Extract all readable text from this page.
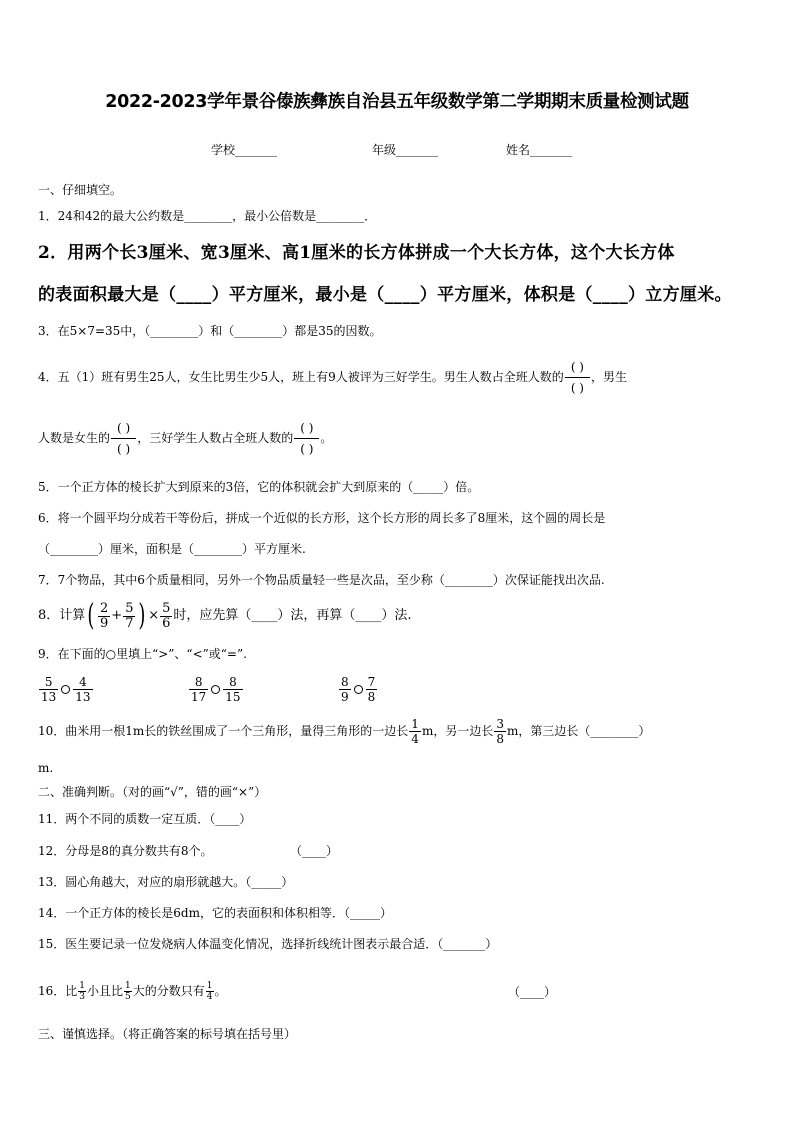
2022-2023学年景谷傣族彝族自治县五年级数学第二学期期末质量检测试题
学校_______	年级_______	姓名_______
一、仔细填空。
1．24和42的最大公约数是________，最小公倍数是________．
2．用两个长3厘米、宽3厘米、高1厘米的长方体拼成一个大长方体，这个大长方体
的表面积最大是（____）平方厘米，最小是（____）平方厘米，体积是（____）立方厘米。
3．在5×7=35中，（________）和（________）都是35的因数。
4．五（1）班有男生25人，女生比男生少5人，班上有9人被评为三好学生。男生人数占全班人数的 $\frac{( )}{( )}$ ，男生
人数是女生的 $\frac{( )}{( )}$ ，三好学生人数占全班人数的 $\frac{( )}{( )}$ 。
5．一个正方体的棱长扩大到原来的3倍，它的体积就会扩大到原来的（_____）倍。
6．将一个圆平均分成若干等份后，拼成一个近似的长方形，这个长方形的周长多了8厘米，这个圆的周长是
（________）厘米，面积是（________）平方厘米.
7．7个物品，其中6个质量相同，另外一个物品质量轻一些是次品，至少称（________）次保证能找出次品.
8．计算 ( $\frac{2}{9} + \frac{5}{7}$ ) × $\frac{5}{6}$ 时，应先算（____）法，再算（____）法.
9．在下面的○里填上“>”、“<”或“=”.
$\frac{5}{13} \frac{4}{13}$	$\frac{8}{17} \frac{8}{15}$	$\frac{8}{9} \frac{7}{8}$
10．曲米用一根1m长的铁丝围成了一个三角形，量得三角形的一边长 $\frac{1}{4}$ m，另一边长 $\frac{3}{8}$ m，第三边长（________）
m.
二、准确判断。（对的画“√”，错的画“×”）
11．两个不同的质数一定互质．（____）
12．分母是8的真分数共有8个。	（____）
13．圆心角越大，对应的扇形就越大。（_____）
14．一个正方体的棱长是6dm，它的表面积和体积相等．（_____）
15．医生要记录一位发烧病人体温变化情况，选择折线统计图表示最合适．（_______）
16．比 $\frac{1}{3}$ 小且比 $\frac{1}{5}$ 大的分数只有 $\frac{1}{4}$ 。	（____）
三、谨慎选择。（将正确答案的标号填在括号里）
